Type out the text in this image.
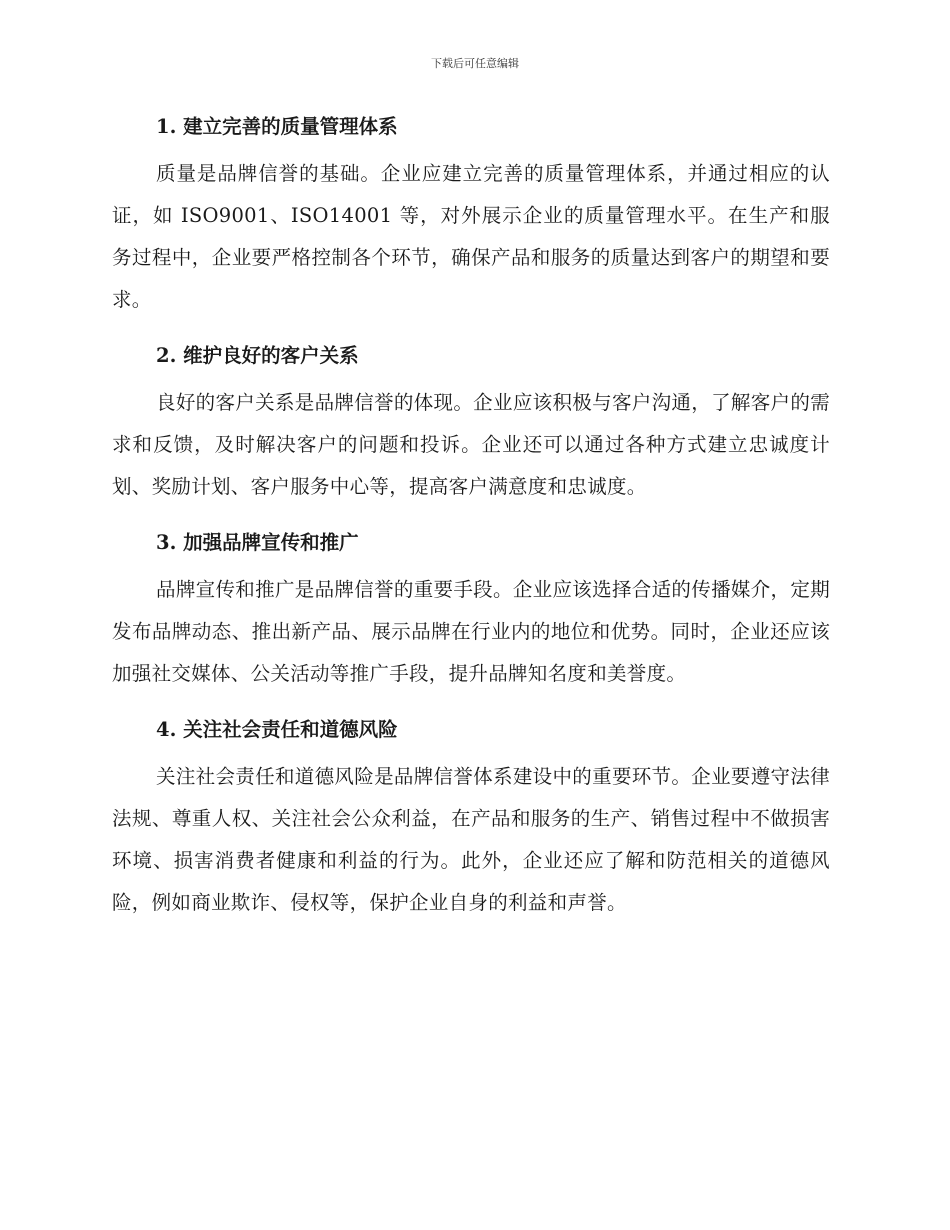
下载后可任意编辑
1. 建立完善的质量管理体系

质量是品牌信誉的基础。企业应建立完善的质量管理体系，并通过相应的认证，如 ISO9001、ISO14001 等，对外展示企业的质量管理水平。在生产和服务过程中，企业要严格控制各个环节，确保产品和服务的质量达到客户的期望和要求。

2. 维护良好的客户关系

良好的客户关系是品牌信誉的体现。企业应该积极与客户沟通，了解客户的需求和反馈，及时解决客户的问题和投诉。企业还可以通过各种方式建立忠诚度计划、奖励计划、客户服务中心等，提高客户满意度和忠诚度。

3. 加强品牌宣传和推广

品牌宣传和推广是品牌信誉的重要手段。企业应该选择合适的传播媒介，定期发布品牌动态、推出新产品、展示品牌在行业内的地位和优势。同时，企业还应该加强社交媒体、公关活动等推广手段，提升品牌知名度和美誉度。

4. 关注社会责任和道德风险

关注社会责任和道德风险是品牌信誉体系建设中的重要环节。企业要遵守法律法规、尊重人权、关注社会公众利益，在产品和服务的生产、销售过程中不做损害环境、损害消费者健康和利益的行为。此外，企业还应了解和防范相关的道德风险，例如商业欺诈、侵权等，保护企业自身的利益和声誉。
